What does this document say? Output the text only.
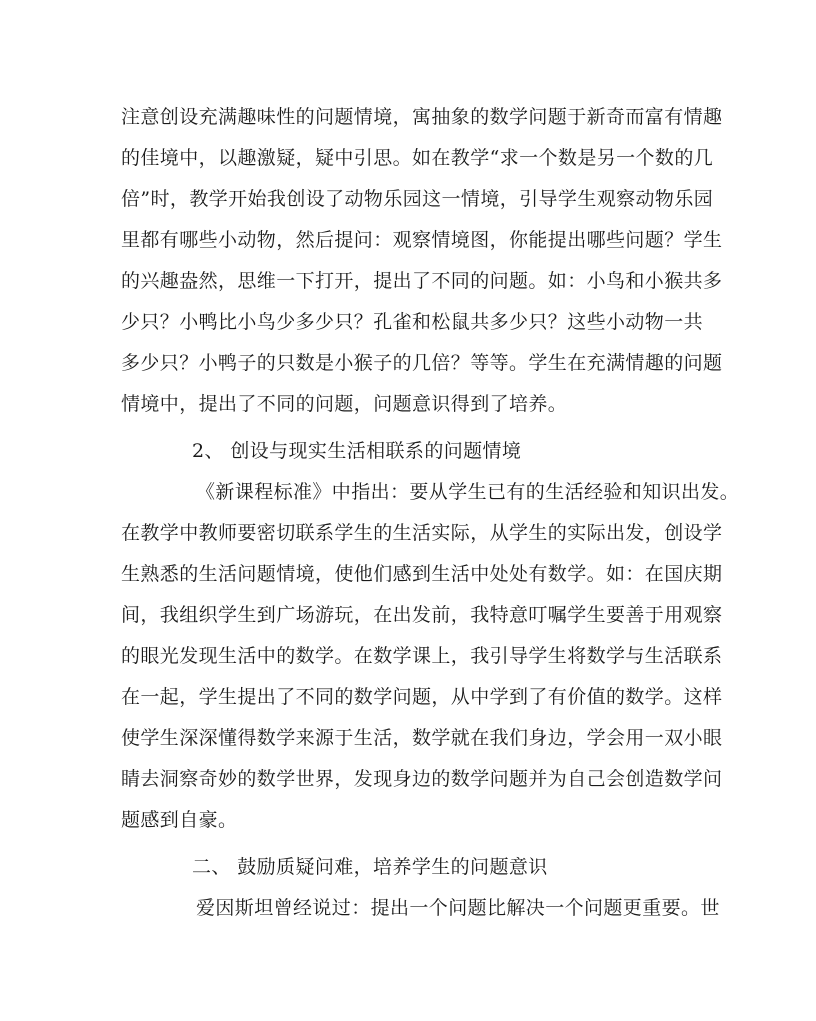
注意创设充满趣味性的问题情境，寓抽象的数学问题于新奇而富有情趣
的佳境中，以趣激疑，疑中引思。如在教学“求一个数是另一个数的几
倍”时，教学开始我创设了动物乐园这一情境，引导学生观察动物乐园
里都有哪些小动物，然后提问：观察情境图，你能提出哪些问题？学生
的兴趣盎然，思维一下打开，提出了不同的问题。如：小鸟和小猴共多
少只？小鸭比小鸟少多少只？孔雀和松鼠共多少只？这些小动物一共
多少只？小鸭子的只数是小猴子的几倍？等等。学生在充满情趣的问题
情境中，提出了不同的问题，问题意识得到了培养。
2、 创设与现实生活相联系的问题情境
《新课程标准》中指出：要从学生已有的生活经验和知识出发。
在教学中教师要密切联系学生的生活实际，从学生的实际出发，创设学
生熟悉的生活问题情境，使他们感到生活中处处有数学。如：在国庆期
间，我组织学生到广场游玩，在出发前，我特意叮嘱学生要善于用观察
的眼光发现生活中的数学。在数学课上，我引导学生将数学与生活联系
在一起，学生提出了不同的数学问题，从中学到了有价值的数学。这样
使学生深深懂得数学来源于生活，数学就在我们身边，学会用一双小眼
睛去洞察奇妙的数学世界，发现身边的数学问题并为自己会创造数学问
题感到自豪。
二、 鼓励质疑问难，培养学生的问题意识
爱因斯坦曾经说过：提出一个问题比解决一个问题更重要。世
